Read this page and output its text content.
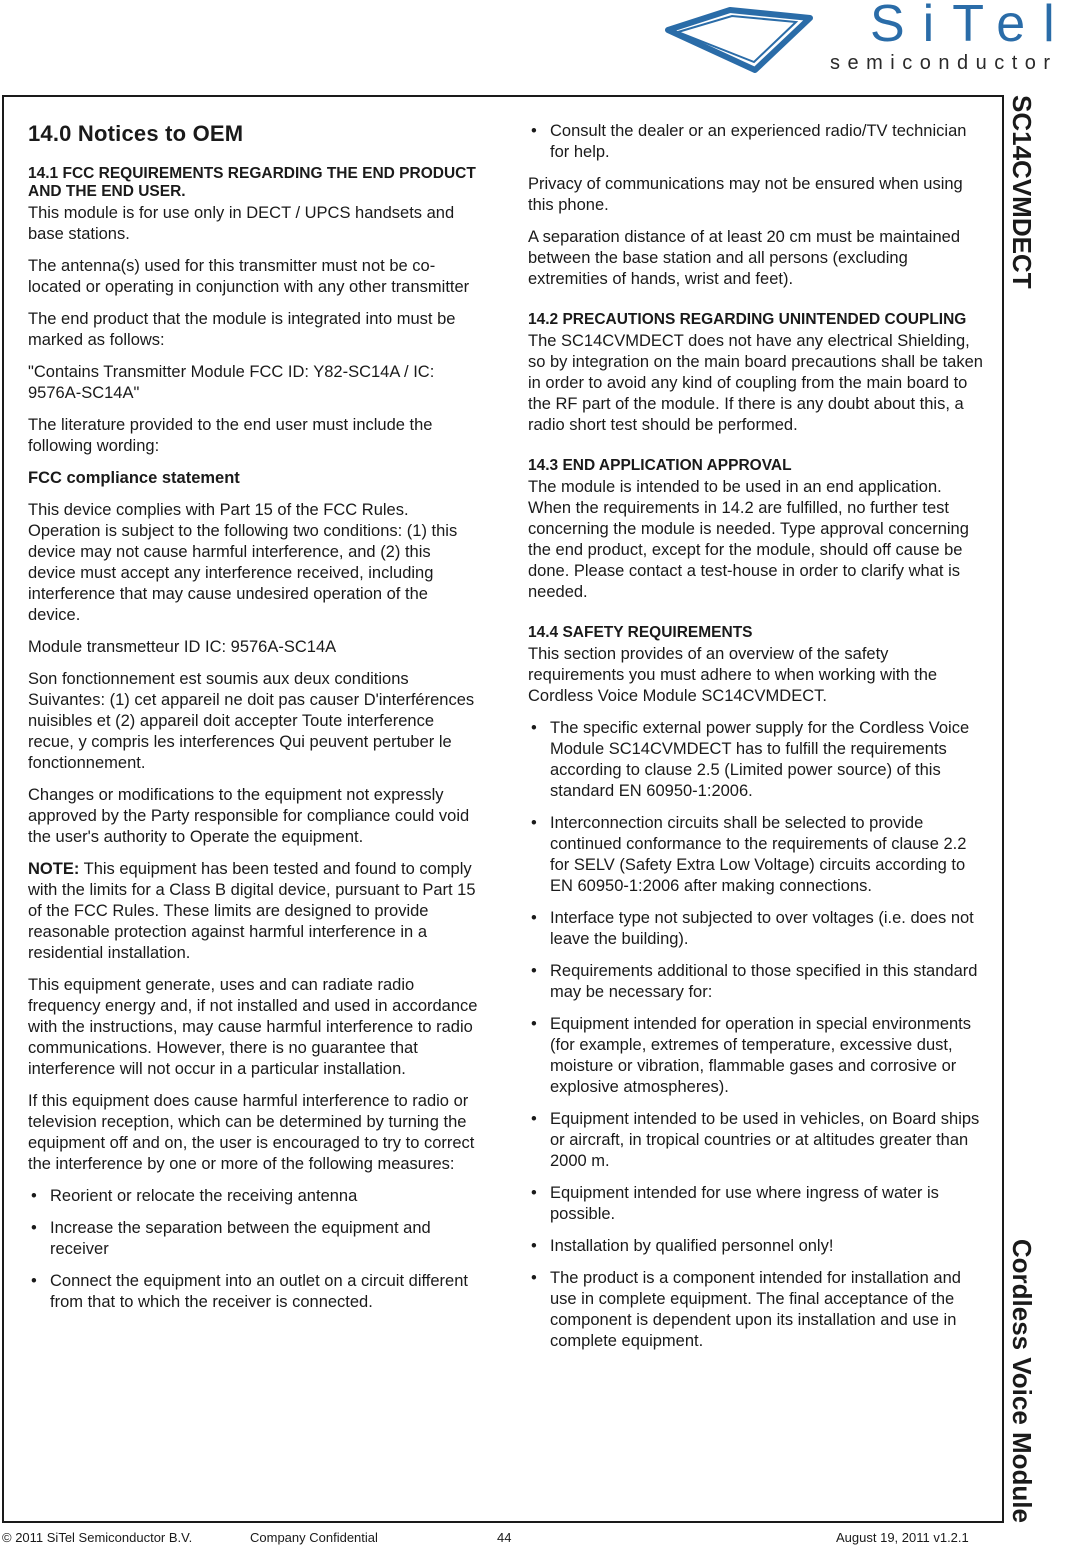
SiTel
semiconductor
14.0 Notices to OEM
14.1 FCC REQUIREMENTS REGARDING THE END PRODUCT AND THE END USER.
This module is for use only in DECT / UPCS handsets and base stations.
The antenna(s) used for this transmitter must not be co-located or operating in conjunction with any other transmitter
The end product that the module is integrated into must be marked as follows:
"Contains Transmitter Module FCC ID: Y82-SC14A / IC: 9576A-SC14A"
The literature provided to the end user must include the following wording:
FCC compliance statement
This device complies with Part 15 of the FCC Rules. Operation is subject to the following two conditions: (1) this device may not cause harmful interference, and (2) this device must accept any interference received, including interference that may cause undesired operation of the device.
Module transmetteur ID IC: 9576A-SC14A
Son fonctionnement est soumis aux deux conditions Suivantes: (1) cet appareil ne doit pas causer D'interférences nuisibles et (2) appareil doit accepter Toute interference recue, y compris les interferences Qui peuvent pertuber le fonctionnement.
Changes or modifications to the equipment not expressly approved by the Party responsible for compliance could void the user's authority to Operate the equipment.
NOTE: This equipment has been tested and found to comply with the limits for a Class B digital device, pursuant to Part 15 of the FCC Rules. These limits are designed to provide reasonable protection against harmful interference in a residential installation.
This equipment generate, uses and can radiate radio frequency energy and, if not installed and used in accordance with the instructions, may cause harmful interference to radio communications. However, there is no guarantee that interference will not occur in a particular installation.
If this equipment does cause harmful interference to radio or television reception, which can be determined by turning the equipment off and on, the user is encouraged to try to correct the interference by one or more of the following measures:
• Reorient or relocate the receiving antenna
• Increase the separation between the equipment and receiver
• Connect the equipment into an outlet on a circuit different from that to which the receiver is connected.
• Consult the dealer or an experienced radio/TV technician for help.
Privacy of communications may not be ensured when using this phone.
A separation distance of at least 20 cm must be maintained between the base station and all persons (excluding extremities of hands, wrist and feet).
14.2 PRECAUTIONS REGARDING UNINTENDED COUPLING
The SC14CVMDECT does not have any electrical Shielding, so by integration on the main board precautions shall be taken in order to avoid any kind of coupling from the main board to the RF part of the module. If there is any doubt about this, a radio short test should be performed.
14.3 END APPLICATION APPROVAL
The module is intended to be used in an end application. When the requirements in 14.2 are fulfilled, no further test concerning the module is needed. Type approval concerning the end product, except for the module, should off cause be done. Please contact a test-house in order to clarify what is needed.
14.4 SAFETY REQUIREMENTS
This section provides of an overview of the safety requirements you must adhere to when working with the Cordless Voice Module SC14CVMDECT.
• The specific external power supply for the Cordless Voice Module SC14CVMDECT has to fulfill the requirements according to clause 2.5 (Limited power source) of this standard EN 60950-1:2006.
• Interconnection circuits shall be selected to provide continued conformance to the requirements of clause 2.2 for SELV (Safety Extra Low Voltage) circuits according to EN 60950-1:2006 after making connections.
• Interface type not subjected to over voltages (i.e. does not leave the building).
• Requirements additional to those specified in this standard may be necessary for:
• Equipment intended for operation in special environments (for example, extremes of temperature, excessive dust, moisture or vibration, flammable gases and corrosive or explosive atmospheres).
• Equipment intended to be used in vehicles, on Board ships or aircraft, in tropical countries or at altitudes greater than 2000 m.
• Equipment intended for use where ingress of water is possible.
• Installation by qualified personnel only!
• The product is a component intended for installation and use in complete equipment. The final acceptance of the component is dependent upon its installation and use in complete equipment.
SC14CVMDECT
Cordless Voice Module
© 2011 SiTel Semiconductor B.V.	Company Confidential	44	August 19, 2011 v1.2.1
